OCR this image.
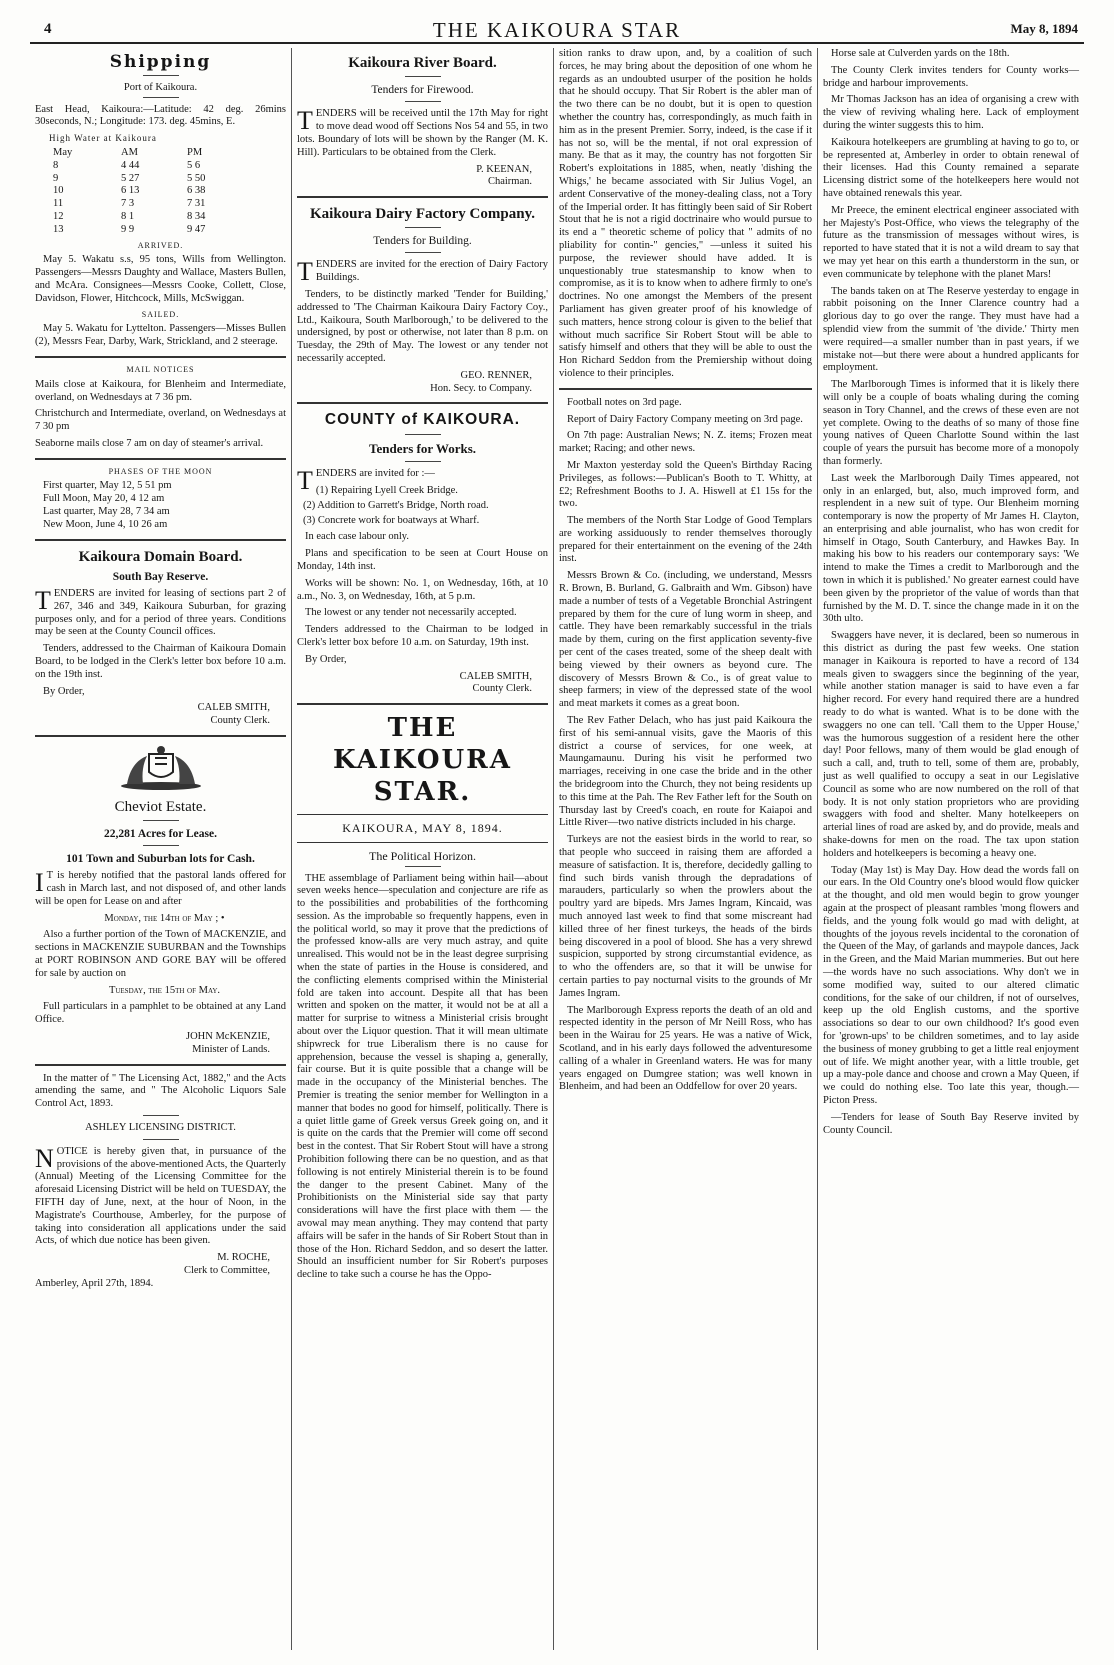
4	THE KAIKOURA STAR	May 8, 1894
Shipping
Port of Kaikoura.

East Head, Kaikoura:—Latitude: 42 deg. 26mins 30seconds, N.; Longitude: 173. deg. 45mins, E.

High Water at Kaikoura
May	AM	PM
8	4 44	5 6
9	5 27	5 50
10	6 13	6 38
11	7 3	7 31
12	8 1	8 34
13	9 9	9 47
ARRIVED.

May 5. Wakatu s.s, 95 tons, Wills from Wellington. Passengers—Messrs Daughty and Wallace, Masters Bullen, and McAra. Consignees—Messrs Cooke, Collett, Close, Davidson, Flower, Hitchcock, Mills, McSwiggan.

SAILED.

May 5. Wakatu for Lyttelton. Passengers—Misses Bullen (2), Messrs Fear, Darby, Wark, Strickland, and 2 steerage.

MAIL NOTICES

Mails close at Kaikoura, for Blenheim and Intermediate, overland, on Wednesdays at 7 36 pm.

Christchurch and Intermediate, overland, on Wednesdays at 7 30 pm

Seaborne mails close 7 am on day of steamer's arrival.

PHASES OF THE MOON
First quarter, May 12, 5 51 pm
Full Moon, May 20, 4 12 am
Last quarter, May 28, 7 34 am
New Moon, June 4, 10 26 am
Kaikoura Domain Board.
South Bay Reserve.

TENDERS are invited for leasing of sections part 2 of 267, 346 and 349, Kaikoura Suburban, for grazing purposes only, and for a period of three years. Conditions may be seen at the County Council offices.

Tenders, addressed to the Chairman of Kaikoura Domain Board, to be lodged in the Clerk's letter box before 10 a.m. on the 19th inst.

By Order,

CALEB SMITH,

County Clerk.

Cheviot Estate.
22,281 Acres for Lease.
101 Town and Suburban lots for Cash.

IT is hereby notified that the pastoral lands offered for cash in March last, and not disposed of, and other lands will be open for Lease on and after

Monday, the 14th of May ; •

Also a further portion of the Town of MACKENZIE, and sections in MACKENZIE SUBURBAN and the Townships at PORT ROBINSON AND GORE BAY will be offered for sale by auction on

Tuesday, the 15th of May.

Full particulars in a pamphlet to be obtained at any Land Office.

JOHN McKENZIE,

Minister of Lands.

In the matter of " The Licensing Act, 1882," and the Acts amending the same, and " The Alcoholic Liquors Sale Control Act, 1893.

ASHLEY LICENSING DISTRICT.

NOTICE is hereby given that, in pursuance of the provisions of the above-mentioned Acts, the Quarterly (Annual) Meeting of the Licensing Committee for the aforesaid Licensing District will be held on TUESDAY, the FIFTH day of June, next, at the hour of Noon, in the Magistrate's Courthouse, Amberley, for the purpose of taking into consideration all applications under the said Acts, of which due notice has been given.

M. ROCHE,

Clerk to Committee,

Amberley, April 27th, 1894.

Kaikoura River Board.
Tenders for Firewood.

TENDERS will be received until the 17th May for right to move dead wood off Sections Nos 54 and 55, in two lots. Boundary of lots will be shown by the Ranger (M. K. Hill). Particulars to be obtained from the Clerk.

P. KEENAN,

Chairman.

Kaikoura Dairy Factory Company.
Tenders for Building.

TENDERS are invited for the erection of Dairy Factory Buildings.

Tenders, to be distinctly marked 'Tender for Building,' addressed to 'The Chairman Kaikoura Dairy Factory Coy., Ltd., Kaikoura, South Marlborough,' to be delivered to the undersigned, by post or otherwise, not later than 8 p.m. on Tuesday, the 29th of May. The lowest or any tender not necessarily accepted.

GEO. RENNER,

Hon. Secy. to Company.

COUNTY of KAIKOURA.
Tenders for Works.

TENDERS are invited for :—

(1) Repairing Lyell Creek Bridge.
(2) Addition to Garrett's Bridge, North road.
(3) Concrete work for boatways at Wharf.

In each case labour only.

Plans and specification to be seen at Court House on Monday, 14th inst.

Works will be shown: No. 1, on Wednesday, 16th, at 10 a.m., No. 3, on Wednesday, 16th, at 5 p.m.

The lowest or any tender not necessarily accepted.

Tenders addressed to the Chairman to be lodged in Clerk's letter box before 10 a.m. on Saturday, 19th inst.

By Order,

CALEB SMITH,

County Clerk.

THE KAIKOURA STAR.
KAIKOURA, MAY 8, 1894.
The Political Horizon.

THE assemblage of Parliament being within hail—about seven weeks hence—speculation and conjecture are rife as to the possibilities and probabilities of the forthcoming session. As the improbable so frequently happens, even in the political world, so may it prove that the predictions of the professed know-alls are very much astray, and quite unrealised. This would not be in the least degree surprising when the state of parties in the House is considered, and the conflicting elements comprised within the Ministerial fold are taken into account. Despite all that has been written and spoken on the matter, it would not be at all a matter for surprise to witness a Ministerial crisis brought about over the Liquor question. That it will mean ultimate shipwreck for true Liberalism there is no cause for apprehension, because the vessel is shaping a, generally, fair course. But it is quite possible that a change will be made in the occupancy of the Ministerial benches. The Premier is treating the senior member for Wellington in a manner that bodes no good for himself, politically. There is a quiet little game of Greek versus Greek going on, and it is quite on the cards that the Premier will come off second best in the contest. That Sir Robert Stout will have a strong Prohibition following there can be no question, and as that following is not entirely Ministerial therein is to be found the danger to the present Cabinet. Many of the Prohibitionists on the Ministerial side say that party considerations will have the first place with them — the avowal may mean anything. They may contend that party affairs will be safer in the hands of Sir Robert Stout than in those of the Hon. Richard Seddon, and so desert the latter. Should an insufficient number for Sir Robert's purposes decline to take such a course he has the Oppo-

sition ranks to draw upon, and, by a coalition of such forces, he may bring about the deposition of one whom he regards as an undoubted usurper of the position he holds that he should occupy. That Sir Robert is the abler man of the two there can be no doubt, but it is open to question whether the country has, correspondingly, as much faith in him as in the present Premier. Sorry, indeed, is the case if it has not so, will be the mental, if not oral expression of many. Be that as it may, the country has not forgotten Sir Robert's exploitations in 1885, when, neatly 'dishing the Whigs,' he became associated with Sir Julius Vogel, an ardent Conservative of the money-dealing class, not a Tory of the Imperial order. It has fittingly been said of Sir Robert Stout that he is not a rigid doctrinaire who would pursue to its end a " theoretic scheme of policy that " admits of no pliability for contin-" gencies," —unless it suited his purpose, the reviewer should have added. It is unquestionably true statesmanship to know when to compromise, as it is to know when to adhere firmly to one's doctrines. No one amongst the Members of the present Parliament has given greater proof of his knowledge of such matters, hence strong colour is given to the belief that without much sacrifice Sir Robert Stout will be able to satisfy himself and others that they will be able to oust the Hon Richard Seddon from the Premiership without doing violence to their principles.

Football notes on 3rd page.

Report of Dairy Factory Company meeting on 3rd page.

On 7th page: Australian News; N. Z. items; Frozen meat market; Racing; and other news.

Mr Maxton yesterday sold the Queen's Birthday Racing Privileges, as follows:—Publican's Booth to T. Whitty, at £2; Refreshment Booths to J. A. Hiswell at £1 15s for the two.

The members of the North Star Lodge of Good Templars are working assiduously to render themselves thorougly prepared for their entertainment on the evening of the 24th inst.

Messrs Brown & Co. (including, we understand, Messrs R. Brown, B. Burland, G. Galbraith and Wm. Gibson) have made a number of tests of a Vegetable Bronchial Astringent prepared by them for the cure of lung worm in sheep, and cattle. They have been remarkably successful in the trials made by them, curing on the first application seventy-five per cent of the cases treated, some of the sheep dealt with being viewed by their owners as beyond cure. The discovery of Messrs Brown & Co., is of great value to sheep farmers; in view of the depressed state of the wool and meat markets it comes as a great boon.

The Rev Father Delach, who has just paid Kaikoura the first of his semi-annual visits, gave the Maoris of this district a course of services, for one week, at Maungamaunu. During his visit he performed two marriages, receiving in one case the bride and in the other the bridegroom into the Church, they not being residents up to this time at the Pah. The Rev Father left for the South on Thursday last by Creed's coach, en route for Kaiapoi and Little River—two native districts included in his charge.

Turkeys are not the easiest birds in the world to rear, so that people who succeed in raising them are afforded a measure of satisfaction. It is, therefore, decidedly galling to find such birds vanish through the depradations of marauders, particularly so when the prowlers about the poultry yard are bipeds. Mrs James Ingram, Kincaid, was much annoyed last week to find that some miscreant had killed three of her finest turkeys, the heads of the birds being discovered in a pool of blood. She has a very shrewd suspicion, supported by strong circumstantial evidence, as to who the offenders are, so that it will be unwise for certain parties to pay nocturnal visits to the grounds of Mr James Ingram.

The Marlborough Express reports the death of an old and respected identity in the person of Mr Neill Ross, who has been in the Wairau for 25 years. He was a native of Wick, Scotland, and in his early days followed the adventuresome calling of a whaler in Greenland waters. He was for many years engaged on Dumgree station; was well known in Blenheim, and had been an Oddfellow for over 20 years.

Horse sale at Culverden yards on the 18th.

The County Clerk invites tenders for County works—bridge and harbour improvements.

Mr Thomas Jackson has an idea of organising a crew with the view of reviving whaling here. Lack of employment during the winter suggests this to him.

Kaikoura hotelkeepers are grumbling at having to go to, or be represented at, Amberley in order to obtain renewal of their licenses. Had this County remained a separate Licensing district some of the hotelkeepers here would not have obtained renewals this year.

Mr Preece, the eminent electrical engineer associated with her Majesty's Post-Office, who views the telegraphy of the future as the transmission of messages without wires, is reported to have stated that it is not a wild dream to say that we may yet hear on this earth a thunderstorm in the sun, or even communicate by telephone with the planet Mars!

The bands taken on at The Reserve yesterday to engage in rabbit poisoning on the Inner Clarence country had a glorious day to go over the range. They must have had a splendid view from the summit of 'the divide.' Thirty men were required—a smaller number than in past years, if we mistake not—but there were about a hundred applicants for employment.

The Marlborough Times is informed that it is likely there will only be a couple of boats whaling during the coming season in Tory Channel, and the crews of these even are not yet complete. Owing to the deaths of so many of those fine young natives of Queen Charlotte Sound within the last couple of years the pursuit has become more of a monopoly than formerly.

Last week the Marlborough Daily Times appeared, not only in an enlarged, but, also, much improved form, and resplendent in a new suit of type. Our Blenheim morning contemporary is now the property of Mr James H. Clayton, an enterprising and able journalist, who has won credit for himself in Otago, South Canterbury, and Hawkes Bay. In making his bow to his readers our contemporary says: 'We intend to make the Times a credit to Marlborough and the town in which it is published.' No greater earnest could have been given by the proprietor of the value of words than that furnished by the M. D. T. since the change made in it on the 30th ulto.

Swaggers have never, it is declared, been so numerous in this district as during the past few weeks. One station manager in Kaikoura is reported to have a record of 134 meals given to swaggers since the beginning of the year, while another station manager is said to have even a far higher record. For every hand required there are a hundred ready to do what is wanted. What is to be done with the swaggers no one can tell. 'Call them to the Upper House,' was the humorous suggestion of a resident here the other day! Poor fellows, many of them would be glad enough of such a call, and, truth to tell, some of them are, probably, just as well qualified to occupy a seat in our Legislative Council as some who are now numbered on the roll of that body. It is not only station proprietors who are providing swaggers with food and shelter. Many hotelkeepers on arterial lines of road are asked by, and do provide, meals and shake-downs for men on the road. The tax upon station holders and hotelkeepers is becoming a heavy one.

Today (May 1st) is May Day. How dead the words fall on our ears. In the Old Country one's blood would flow quicker at the thought, and old men would begin to grow younger again at the prospect of pleasant rambles 'mong flowers and fields, and the young folk would go mad with delight, at thoughts of the joyous revels incidental to the coronation of the Queen of the May, of garlands and maypole dances, Jack in the Green, and the Maid Marian mummeries. But out here—the words have no such associations. Why don't we in some modified way, suited to our altered climatic conditions, for the sake of our children, if not of ourselves, keep up the old English customs, and the sportive associations so dear to our own childhood? It's good even for 'grown-ups' to be children sometimes, and to lay aside the business of money grubbing to get a little real enjoyment out of life. We might another year, with a little trouble, get up a may-pole dance and choose and crown a May Queen, if we could do nothing else. Too late this year, though.—Picton Press.

—Tenders for lease of South Bay Reserve invited by County Council.
